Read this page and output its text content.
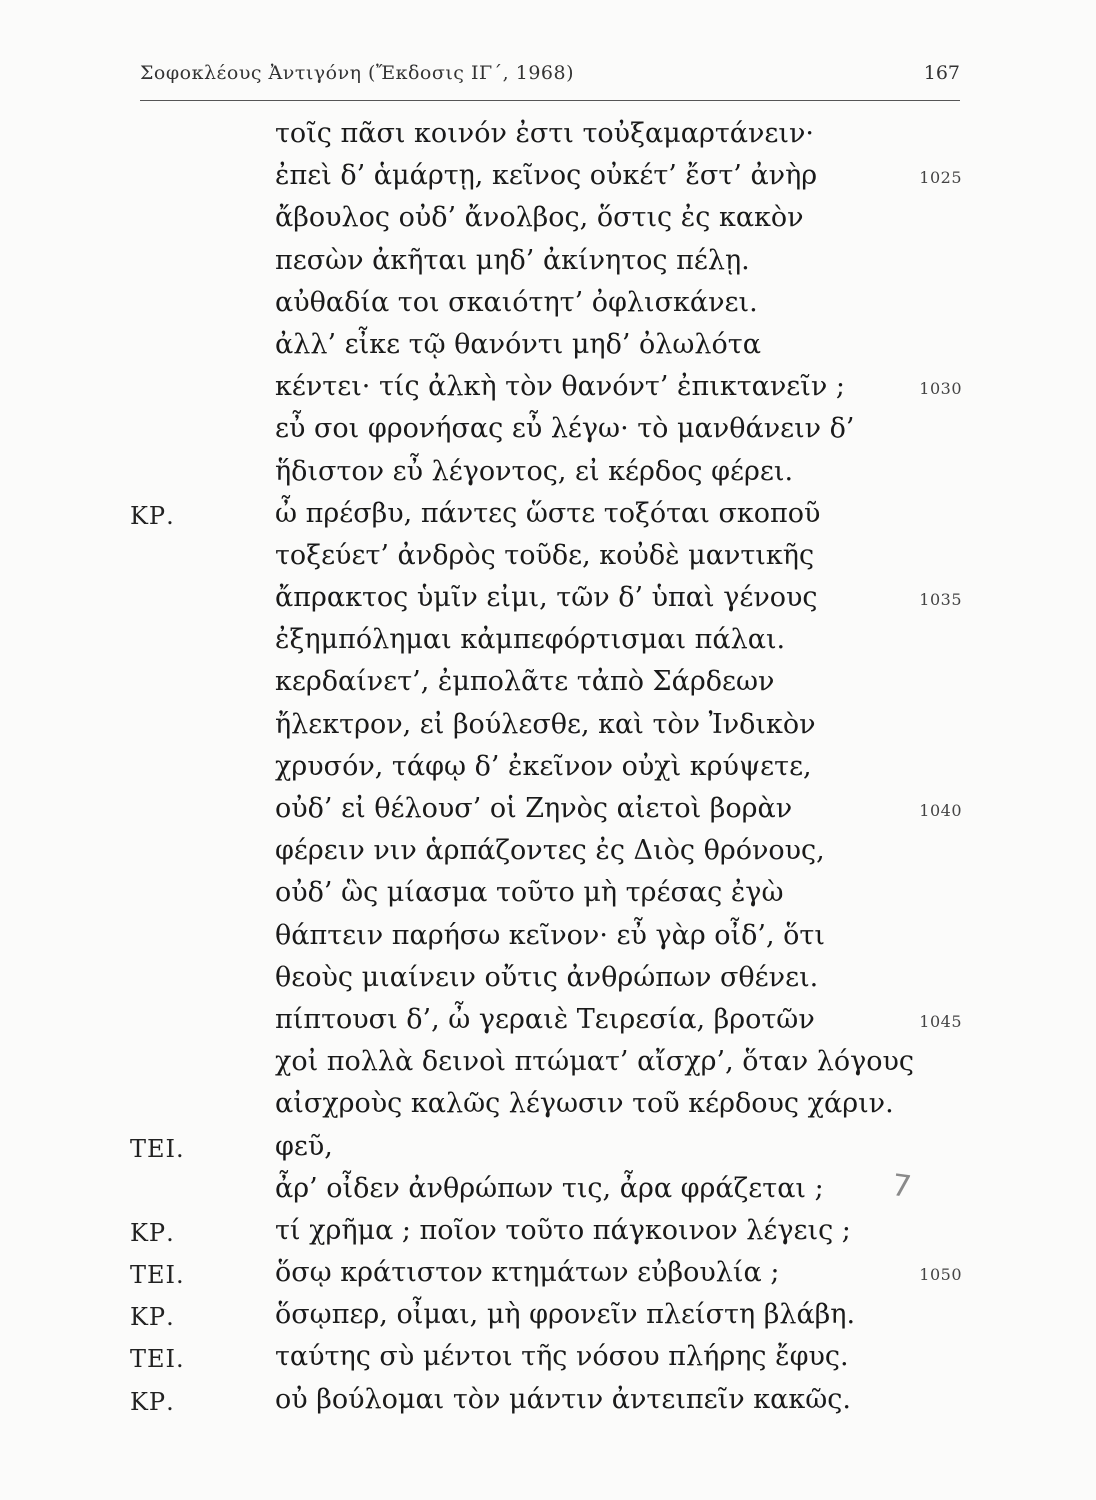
Σοφοκλέους Ἀντιγόνη (Ἔκδοσις ΙΓ΄, 1968)	167
τοῖς πᾶσι κοινόν ἐστι τοὐξαμαρτάνειν·
ἐπεὶ δ’ ἁμάρτῃ, κεῖνος οὐκέτ’ ἔστ’ ἀνὴρ	1025
ἄβουλος οὐδ’ ἄνολβος, ὅστις ἐς κακὸν
πεσὼν ἀκῆται μηδ’ ἀκίνητος πέλῃ.
αὐθαδία τοι σκαιότητ’ ὀφλισκάνει.
ἀλλ’ εἶκε τῷ θανόντι μηδ’ ὀλωλότα
κέντει· τίς ἀλκὴ τὸν θανόντ’ ἐπικτανεῖν ;	1030
εὖ σοι φρονήσας εὖ λέγω· τὸ μανθάνειν δ’
ἥδιστον εὖ λέγοντος, εἰ κέρδος φέρει.
ΚΡ.	ὦ πρέσβυ, πάντες ὥστε τοξόται σκοποῦ
τοξεύετ’ ἀνδρὸς τοῦδε, κοὐδὲ μαντικῆς
ἄπρακτος ὑμῖν εἰμι, τῶν δ’ ὑπαὶ γένους	1035
ἐξημπόλημαι κἀμπεφόρτισμαι πάλαι.
κερδαίνετ’, ἐμπολᾶτε τἀπὸ Σάρδεων
ἤλεκτρον, εἰ βούλεσθε, καὶ τὸν Ἰνδικὸν
χρυσόν, τάφῳ δ’ ἐκεῖνον οὐχὶ κρύψετε,
οὐδ’ εἰ θέλουσ’ οἱ Ζηνὸς αἰετοὶ βορὰν	1040
φέρειν νιν ἁρπάζοντες ἐς Διὸς θρόνους,
οὐδ’ ὣς μίασμα τοῦτο μὴ τρέσας ἐγὼ
θάπτειν παρήσω κεῖνον· εὖ γὰρ οἶδ’, ὅτι
θεοὺς μιαίνειν οὔτις ἀνθρώπων σθένει.
πίπτουσι δ’, ὦ γεραιὲ Τειρεσία, βροτῶν	1045
χοἰ πολλὰ δεινοὶ πτώματ’ αἴσχρ’, ὅταν λόγους
αἰσχροὺς καλῶς λέγωσιν τοῦ κέρδους χάριν.
ΤΕΙ.	φεῦ,
ἆρ’ οἶδεν ἀνθρώπων τις, ἆρα φράζεται ; 7
ΚΡ.	τί χρῆμα ; ποῖον τοῦτο πάγκοινον λέγεις ;
ΤΕΙ.	ὅσῳ κράτιστον κτημάτων εὐβουλία ;	1050
ΚΡ.	ὅσῳπερ, οἶμαι, μὴ φρονεῖν πλείστη βλάβη.
ΤΕΙ.	ταύτης σὺ μέντοι τῆς νόσου πλήρης ἔφυς.
ΚΡ.	οὐ βούλομαι τὸν μάντιν ἀντειπεῖν κακῶς.
